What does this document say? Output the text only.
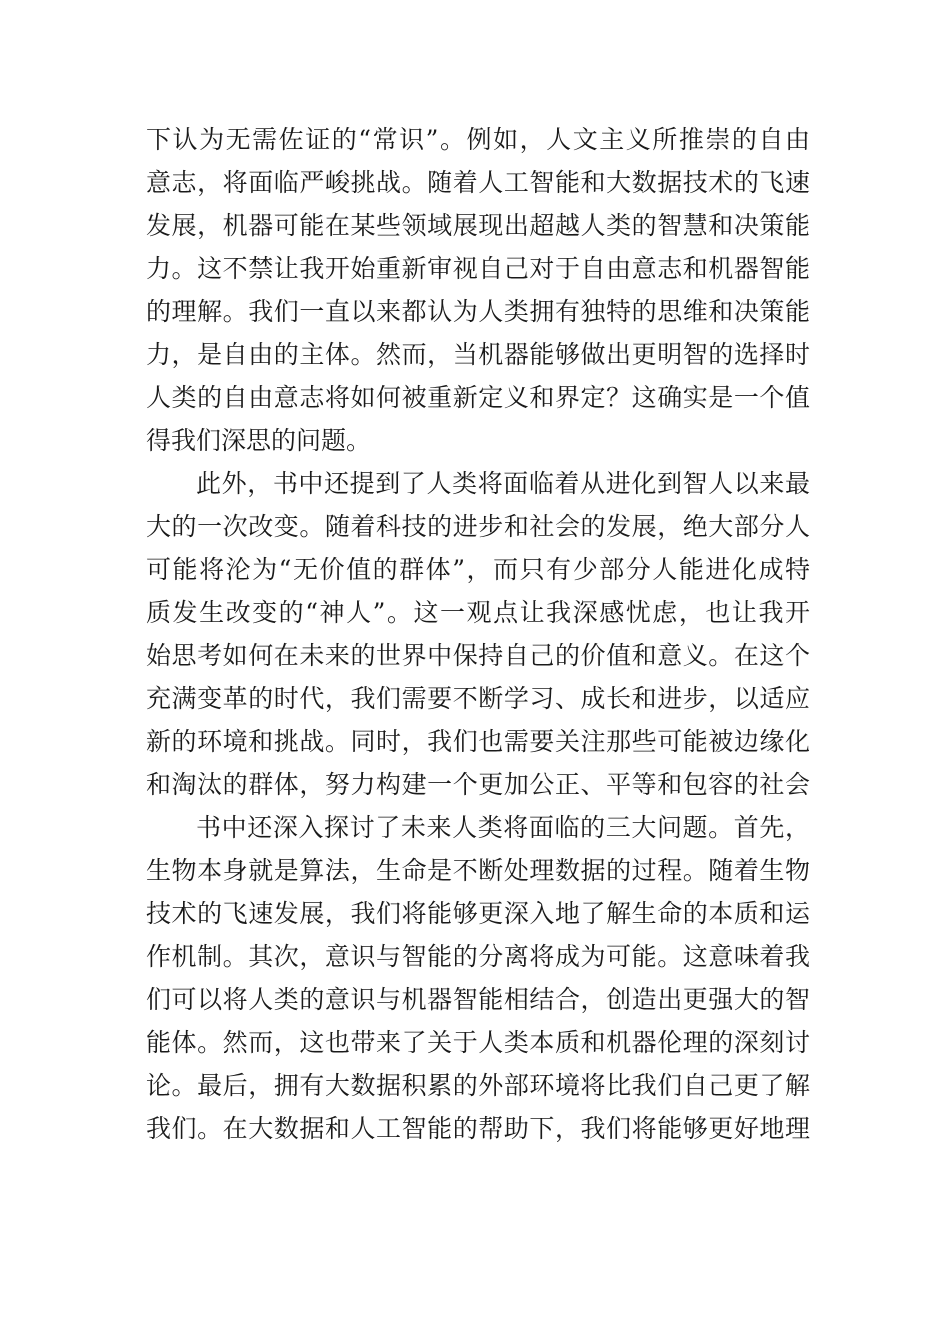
下认为无需佐证的“常识”。例如，人文主义所推崇的自由
意志，将面临严峻挑战。随着人工智能和大数据技术的飞速
发展，机器可能在某些领域展现出超越人类的智慧和决策能
力。这不禁让我开始重新审视自己对于自由意志和机器智能
的理解。我们一直以来都认为人类拥有独特的思维和决策能
力，是自由的主体。然而，当机器能够做出更明智的选择时
人类的自由意志将如何被重新定义和界定？这确实是一个值
得我们深思的问题。

此外，书中还提到了人类将面临着从进化到智人以来最
大的一次改变。随着科技的进步和社会的发展，绝大部分人
可能将沦为“无价值的群体”，而只有少部分人能进化成特
质发生改变的“神人”。这一观点让我深感忧虑，也让我开
始思考如何在未来的世界中保持自己的价值和意义。在这个
充满变革的时代，我们需要不断学习、成长和进步，以适应
新的环境和挑战。同时，我们也需要关注那些可能被边缘化
和淘汰的群体，努力构建一个更加公正、平等和包容的社会

书中还深入探讨了未来人类将面临的三大问题。首先，
生物本身就是算法，生命是不断处理数据的过程。随着生物
技术的飞速发展，我们将能够更深入地了解生命的本质和运
作机制。其次，意识与智能的分离将成为可能。这意味着我
们可以将人类的意识与机器智能相结合，创造出更强大的智
能体。然而，这也带来了关于人类本质和机器伦理的深刻讨
论。最后，拥有大数据积累的外部环境将比我们自己更了解
我们。在大数据和人工智能的帮助下，我们将能够更好地理
